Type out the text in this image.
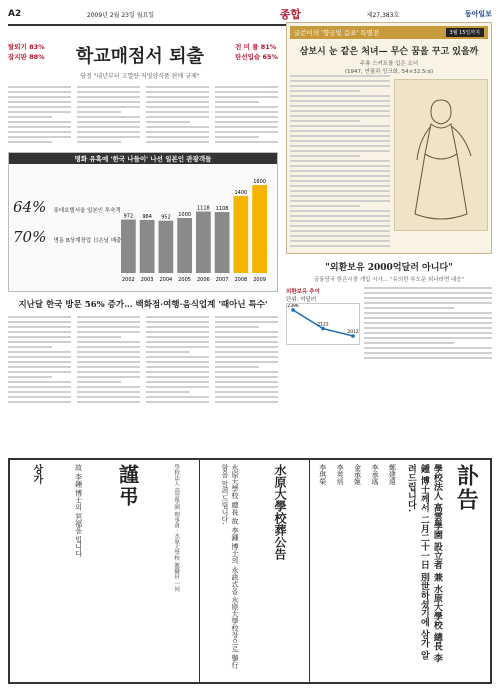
A2	2009년 2월 23일 월요일	종합	제27,383호	동아일보
탈퇴기 83%
잡지판 88% 학교매점서 퇴출
당정 "내년부터 고열량·저영양식품 판매 규제"
전 미 률 81%
탄선입슬 65%
명화 유혹에 '한국 나들이' 나선 일본인 관광객들
972
2002
964
2003
952
2004
1000
2005
1118
2006
1108
2007
1400
2008
1600
2009
64% 롯데호텔서울 일본인 투숙객
70% 명동 B상계장업 日손님 매출
지난달 한국 방문 56% 증가… 백화점·여행·음식업계 '때아닌 특수'
글쓴이의 '향금빛 음표' 특별전	3월 15일까지
삼보시 눈 같은 처녀— 무슨 꿈을 꾸고 있을까
주룡 스커트를 입은 소녀
(1947, 연필과 잉크화, 54×32.5㎝)
"외환보유 2000억달러 아니다"
금융당국 한은시장 개입 시사… "유의한 부도운 외나라면 대응"
외환보유 추이
단위: 억달러
2396
2122
2012
상가	故 李鍾 博士의 冥福을 빕니다 謹弔	學校法人 高雲學園 理事會 · 水原大學校 教職員 一同	水原大學校 總長 故 李鍾 博士의 永訣式을 水原大學校장으로 擧行함을 알려드립니다.	水原大學校葬公告	李琪榮 李英培 金承姬 李承瑤 鄭建遠	學校法人 高雲學園 設立者 兼 水原大學校 總長 李鍾 博士께서 二月二十一日 別世하셨기에 삼가 알려드립니다.	訃告
